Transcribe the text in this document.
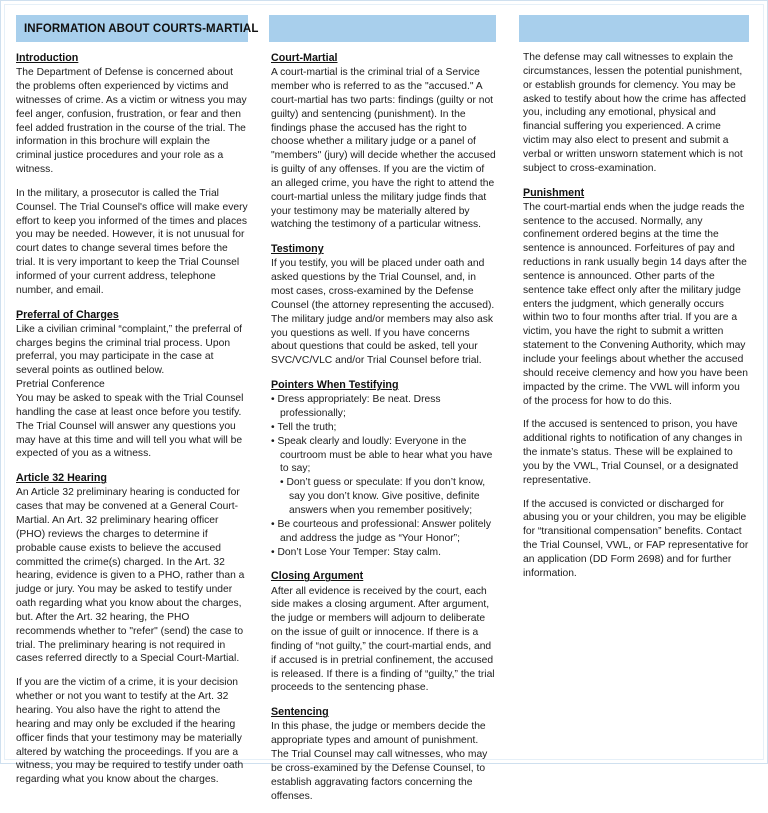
INFORMATION ABOUT COURTS-MARTIAL
Introduction

The Department of Defense is concerned about the problems often experienced by victims and witnesses of crime. As a victim or witness you may feel anger, confusion, frustration, or fear and then feel added frustration in the course of the trial. The information in this brochure will explain the criminal justice procedures and your role as a witness.

In the military, a prosecutor is called the Trial Counsel. The Trial Counsel's office will make every effort to keep you informed of the times and places you may be needed. However, it is not unusual for court dates to change several times before the trial. It is very important to keep the Trial Counsel informed of your current address, telephone number, and email.

Preferral of Charges

Like a civilian criminal “complaint,” the preferral of charges begins the criminal trial process. Upon preferral, you may participate in the case at several points as outlined below.

Pretrial Conference

You may be asked to speak with the Trial Counsel handling the case at least once before you testify. The Trial Counsel will answer any questions you may have at this time and will tell you what will be expected of you as a witness.

Article 32 Hearing

An Article 32 preliminary hearing is conducted for cases that may be convened at a General Court-Martial. An Art. 32 preliminary hearing officer (PHO) reviews the charges to determine if probable cause exists to believe the accused committed the crime(s) charged. In the Art. 32 hearing, evidence is given to a PHO, rather than a judge or jury. You may be asked to testify under oath regarding what you know about the charges, but. After the Art. 32 hearing, the PHO recommends whether to "refer" (send) the case to trial. The preliminary hearing is not required in cases referred directly to a Special Court-Martial.

If you are the victim of a crime, it is your decision whether or not you want to testify at the Art. 32 hearing. You also have the right to attend the hearing and may only be excluded if the hearing officer finds that your testimony may be materially altered by watching the proceedings. If you are a witness, you may be required to testify under oath regarding what you know about the charges.

Court-Martial

A court-martial is the criminal trial of a Service member who is referred to as the "accused." A court-martial has two parts: findings (guilty or not guilty) and sentencing (punishment). In the findings phase the accused has the right to choose whether a military judge or a panel of "members" (jury) will decide whether the accused is guilty of any offenses. If you are the victim of an alleged crime, you have the right to attend the court-martial unless the military judge finds that your testimony may be materially altered by watching the testimony of a particular witness.

Testimony

If you testify, you will be placed under oath and asked questions by the Trial Counsel, and, in most cases, cross-examined by the Defense Counsel (the attorney representing the accused). The military judge and/or members may also ask you questions as well. If you have concerns about questions that could be asked, tell your SVC/VC/VLC and/or Trial Counsel before trial.

Pointers When Testifying
• Dress appropriately: Be neat. Dress professionally;
• Tell the truth;
• Speak clearly and loudly: Everyone in the courtroom must be able to hear what you have to say;
• Don’t guess or speculate: If you don’t know, say you don’t know. Give positive, definite answers when you remember positively;
• Be courteous and professional: Answer politely and address the judge as “Your Honor”;
• Don’t Lose Your Temper: Stay calm.
Closing Argument

After all evidence is received by the court, each side makes a closing argument. After argument, the judge or members will adjourn to deliberate on the issue of guilt or innocence. If there is a finding of “not guilty,” the court-martial ends, and if accused is in pretrial confinement, the accused is released. If there is a finding of “guilty,” the trial proceeds to the sentencing phase.

Sentencing

In this phase, the judge or members decide the appropriate types and amount of punishment. The Trial Counsel may call witnesses, who may be cross-examined by the Defense Counsel, to establish aggravating factors concerning the offenses.

The defense may call witnesses to explain the circumstances, lessen the potential punishment, or establish grounds for clemency. You may be asked to testify about how the crime has affected you, including any emotional, physical and financial suffering you experienced. A crime victim may also elect to present and submit a verbal or written unsworn statement which is not subject to cross-examination.

Punishment

The court-martial ends when the judge reads the sentence to the accused. Normally, any confinement ordered begins at the time the sentence is announced. Forfeitures of pay and reductions in rank usually begin 14 days after the sentence is announced. Other parts of the sentence take effect only after the military judge enters the judgment, which generally occurs within two to four months after trial. If you are a victim, you have the right to submit a written statement to the Convening Authority, which may include your feelings about whether the accused should receive clemency and how you have been impacted by the crime. The VWL will inform you of the process for how to do this.

If the accused is sentenced to prison, you have additional rights to notification of any changes in the inmate’s status. These will be explained to you by the VWL, Trial Counsel, or a designated representative.

If the accused is convicted or discharged for abusing you or your children, you may be eligible for “transitional compensation” benefits. Contact the Trial Counsel, VWL, or FAP representative for an application (DD Form 2698) and for further information.
